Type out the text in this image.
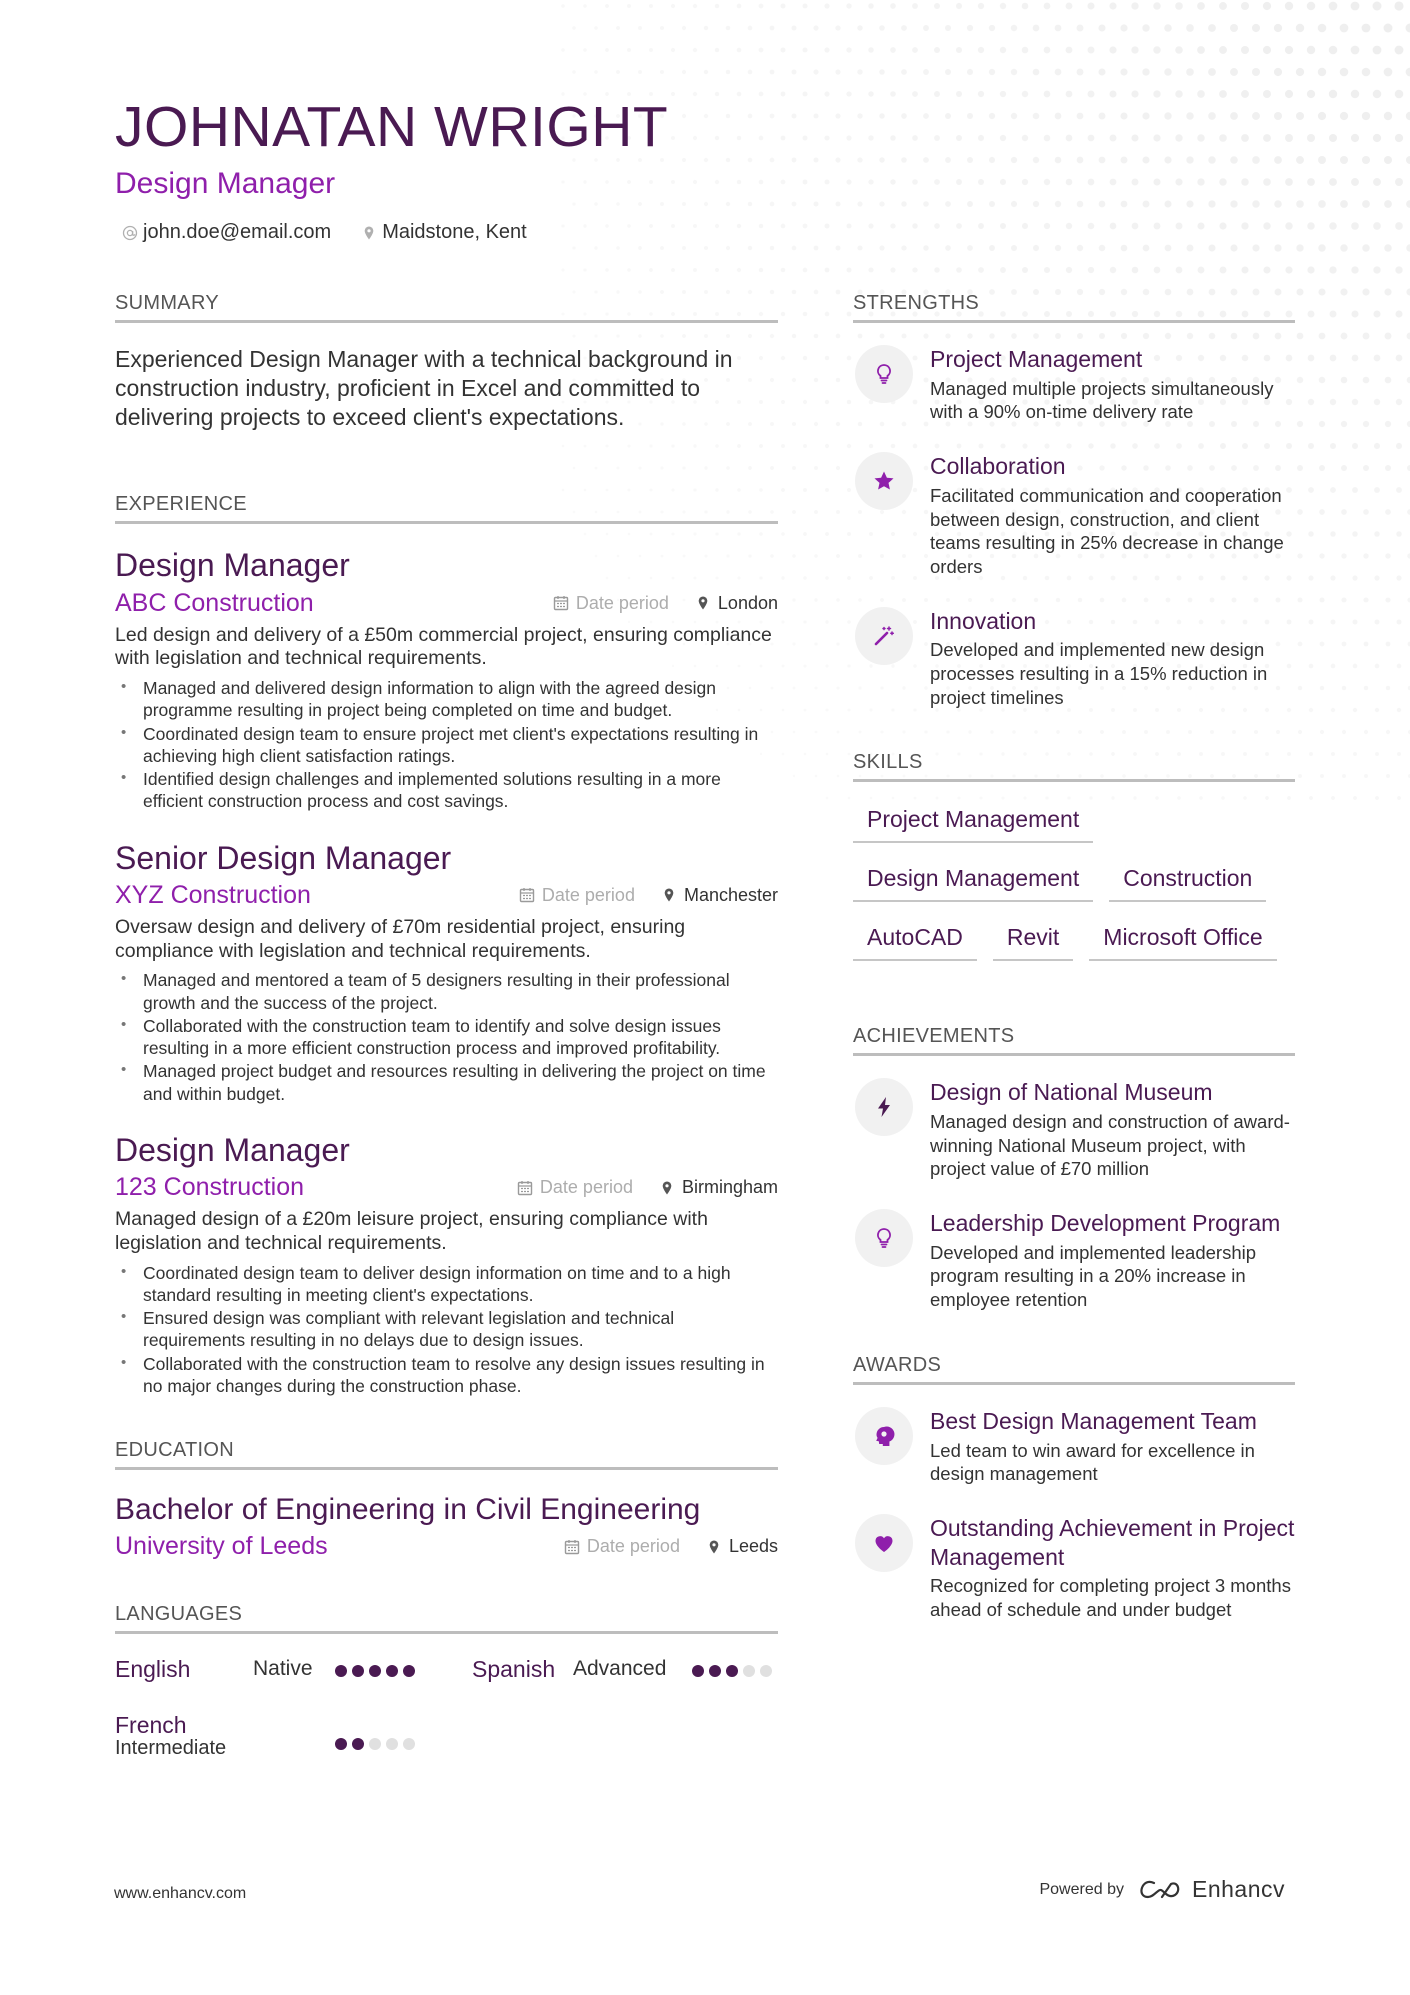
JOHNATAN WRIGHT
Design Manager
john.doe@email.com	Maidstone, Kent
SUMMARY
Experienced Design Manager with a technical background in construction industry, proficient in Excel and committed to delivering projects to exceed client's expectations.
EXPERIENCE
Design Manager
ABC Construction	Date period	London
Led design and delivery of a £50m commercial project, ensuring compliance with legislation and technical requirements.
• Managed and delivered design information to align with the agreed design programme resulting in project being completed on time and budget.
• Coordinated design team to ensure project met client's expectations resulting in achieving high client satisfaction ratings.
• Identified design challenges and implemented solutions resulting in a more efficient construction process and cost savings.
Senior Design Manager
XYZ Construction	Date period	Manchester
Oversaw design and delivery of £70m residential project, ensuring compliance with legislation and technical requirements.
• Managed and mentored a team of 5 designers resulting in their professional growth and the success of the project.
• Collaborated with the construction team to identify and solve design issues resulting in a more efficient construction process and improved profitability.
• Managed project budget and resources resulting in delivering the project on time and within budget.
Design Manager
123 Construction	Date period	Birmingham
Managed design of a £20m leisure project, ensuring compliance with legislation and technical requirements.
• Coordinated design team to deliver design information on time and to a high standard resulting in meeting client's expectations.
• Ensured design was compliant with relevant legislation and technical requirements resulting in no delays due to design issues.
• Collaborated with the construction team to resolve any design issues resulting in no major changes during the construction phase.
EDUCATION
Bachelor of Engineering in Civil Engineering
University of Leeds	Date period	Leeds
LANGUAGES
English	Native	Spanish Advanced
French
Intermediate
STRENGTHS
Project Management
Managed multiple projects simultaneously with a 90% on-time delivery rate
Collaboration
Facilitated communication and cooperation between design, construction, and client teams resulting in 25% decrease in change orders
Innovation
Developed and implemented new design processes resulting in a 15% reduction in project timelines
SKILLS
Project Management
Design Management	Construction
AutoCAD	Revit	Microsoft Office
ACHIEVEMENTS
Design of National Museum
Managed design and construction of award-winning National Museum project, with project value of £70 million
Leadership Development Program
Developed and implemented leadership program resulting in a 20% increase in employee retention
AWARDS
Best Design Management Team
Led team to win award for excellence in design management
Outstanding Achievement in Project Management
Recognized for completing project 3 months ahead of schedule and under budget
www.enhancv.com	Powered by	Enhancv
